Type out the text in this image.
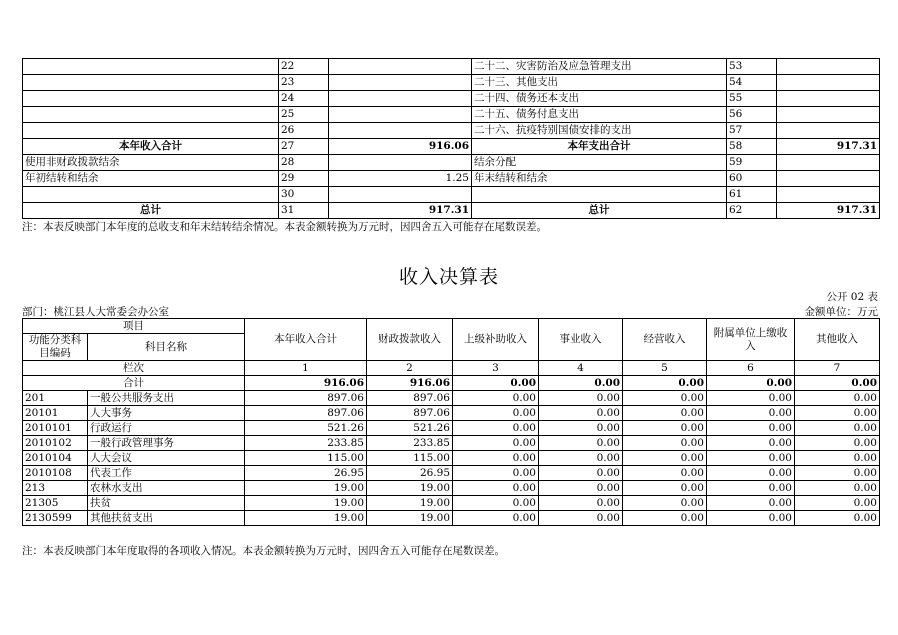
	22		二十二、灾害防治及应急管理支出	53	
	23		二十三、其他支出	54	
	24		二十四、债务还本支出	55	
	25		二十五、债务付息支出	56	
	26		二十六、抗疫特别国债安排的支出	57	
本年收入合计	27	916.06	本年支出合计	58	917.31
使用非财政拨款结余	28		结余分配	59	
年初结转和结余	29	1.25	年末结转和结余	60	
	30			61	
总计	31	917.31	总计	62	917.31
注：本表反映部门本年度的总收支和年末结转结余情况。本表金额转换为万元时，因四舍五入可能存在尾数误差。
收入决算表
公开 02 表
部门：桃江县人大常委会办公室	金额单位：万元
项目		本年收入合计	财政拨款收入	上级补助收入	事业收入	经营收入	附属单位上缴收入	其他收入
功能分类科目编码	科目名称							

栏次		1	2	3	4	5	6	7
合计		916.06	916.06	0.00	0.00	0.00	0.00	0.00
201	一般公共服务支出	897.06	897.06	0.00	0.00	0.00	0.00	0.00
20101	人大事务	897.06	897.06	0.00	0.00	0.00	0.00	0.00
2010101	行政运行	521.26	521.26	0.00	0.00	0.00	0.00	0.00
2010102	一般行政管理事务	233.85	233.85	0.00	0.00	0.00	0.00	0.00
2010104	人大会议	115.00	115.00	0.00	0.00	0.00	0.00	0.00
2010108	代表工作	26.95	26.95	0.00	0.00	0.00	0.00	0.00
213	农林水支出	19.00	19.00	0.00	0.00	0.00	0.00	0.00
21305	扶贫	19.00	19.00	0.00	0.00	0.00	0.00	0.00
2130599	其他扶贫支出	19.00	19.00	0.00	0.00	0.00	0.00	0.00
注：本表反映部门本年度取得的各项收入情况。本表金额转换为万元时，因四舍五入可能存在尾数误差。
